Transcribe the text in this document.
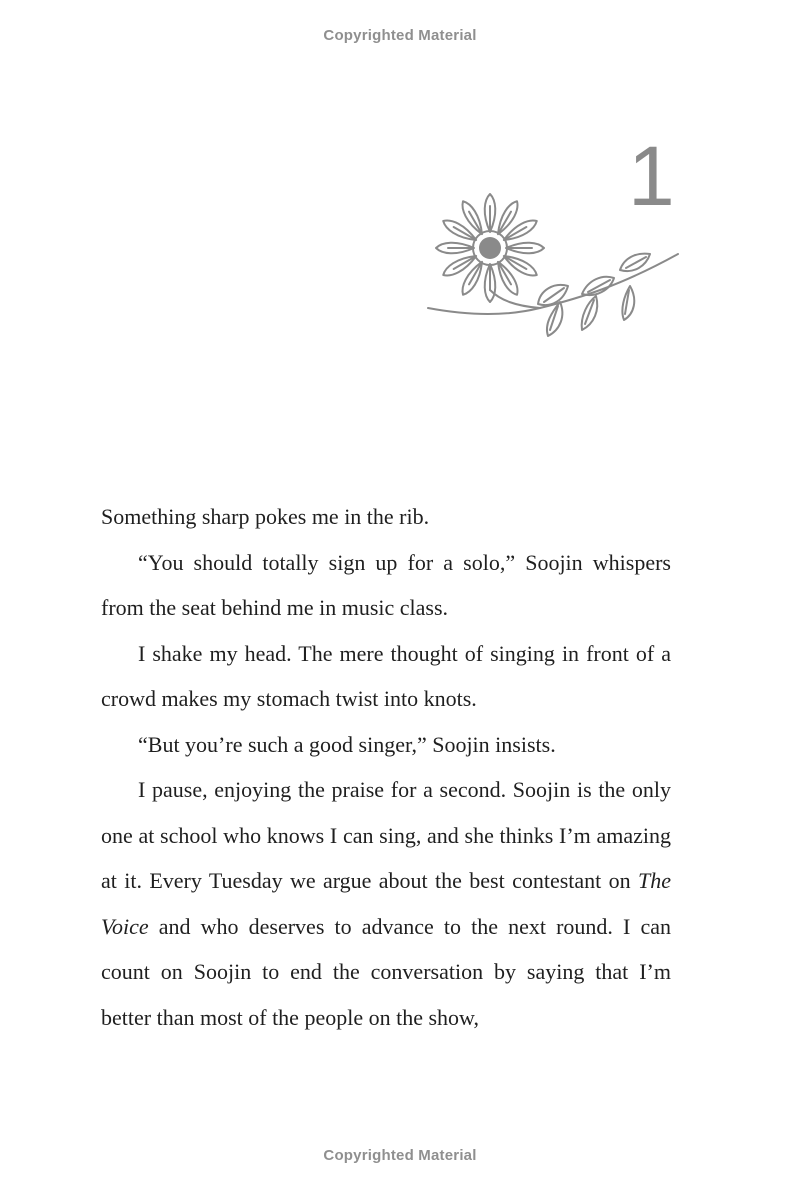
Copyrighted Material
1

Something sharp pokes me in the rib.

“You should totally sign up for a solo,” Soojin whispers from the seat behind me in music class.

I shake my head. The mere thought of singing in front of a crowd makes my stomach twist into knots.

“But you’re such a good singer,” Soojin insists.

I pause, enjoying the praise for a second. Soojin is the only one at school who knows I can sing, and she thinks I’m amazing at it. Every Tuesday we argue about the best contestant on The Voice and who deserves to advance to the next round. I can count on Soojin to end the conversation by saying that I’m better than most of the people on the show,

Copyrighted Material
